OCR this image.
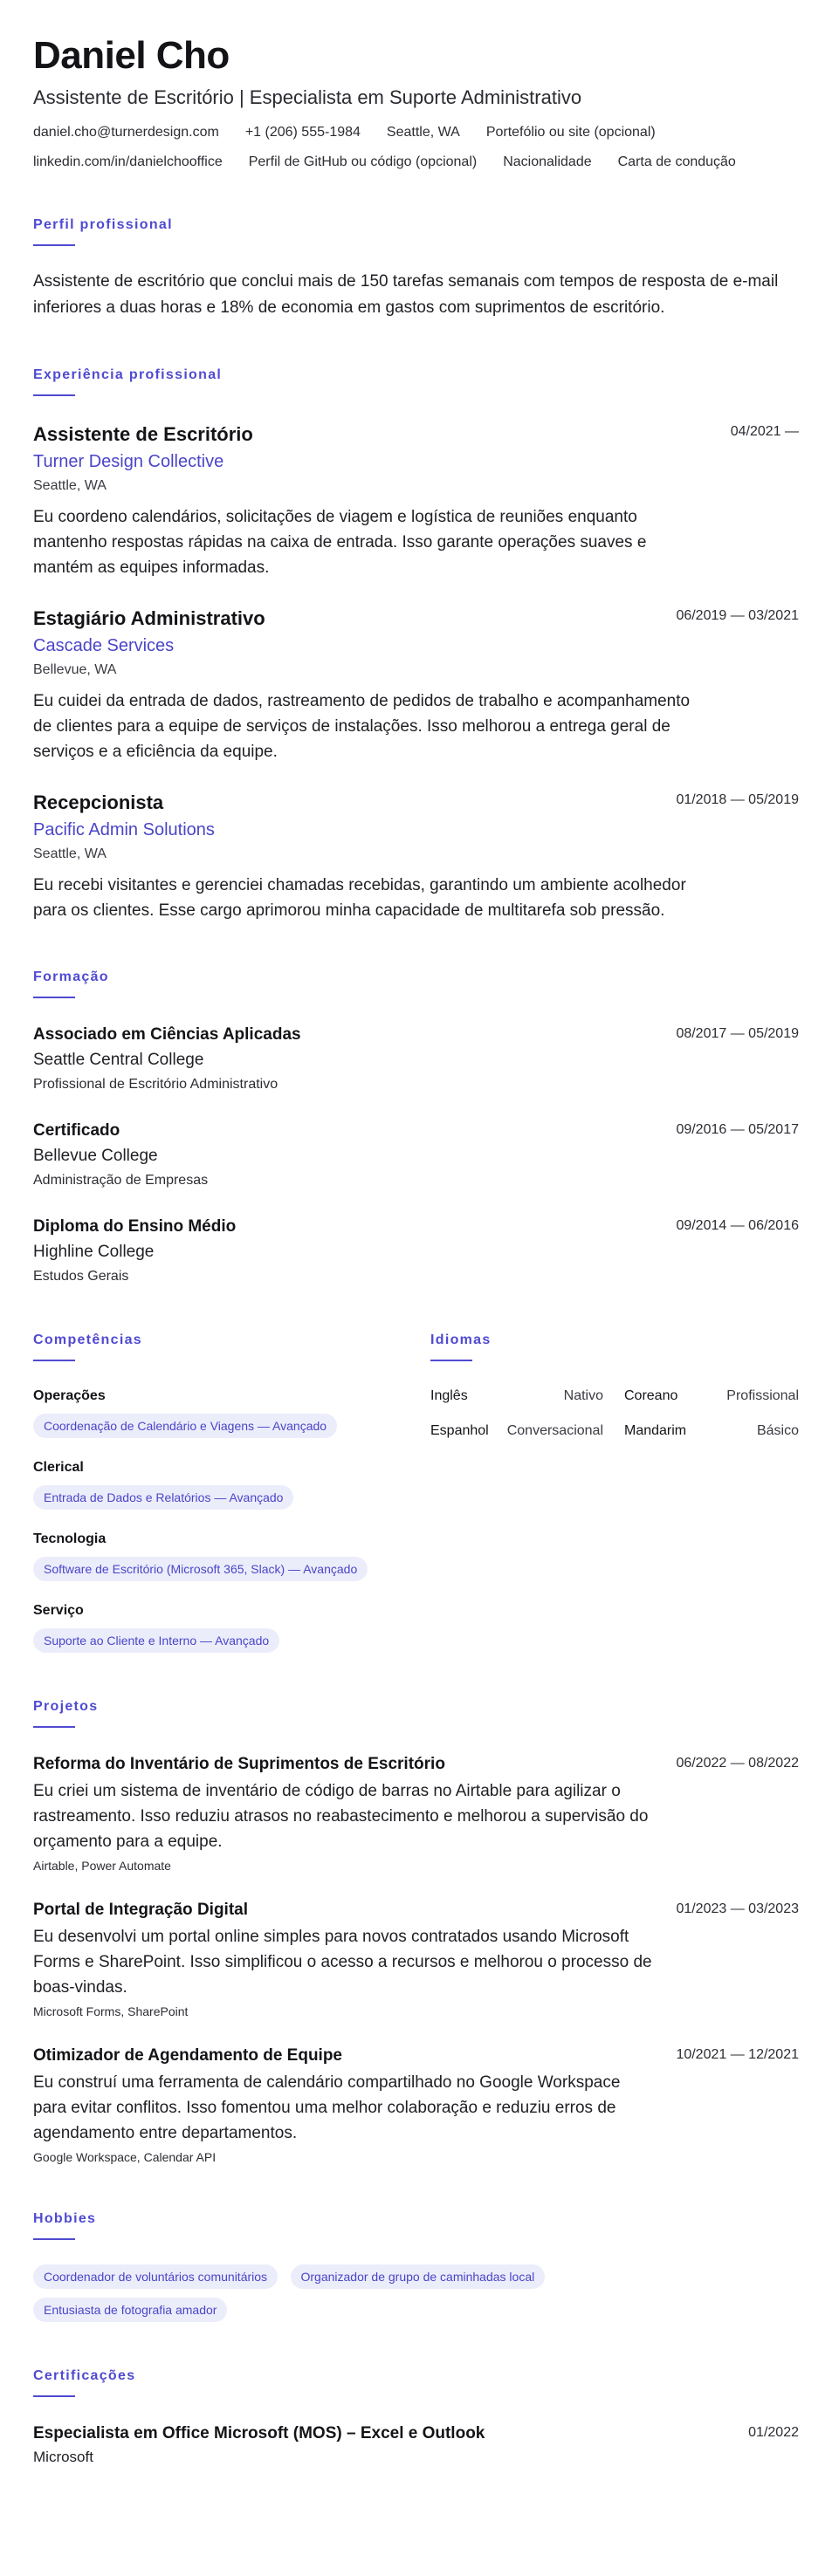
Daniel Cho
Assistente de Escritório | Especialista em Suporte Administrativo
daniel.cho@turnerdesign.com +1 (206) 555-1984 Seattle, WA Portefólio ou site (opcional)
linkedin.com/in/danielchooffice Perfil de GitHub ou código (opcional) Nacionalidade Carta de condução
Perfil profissional

Assistente de escritório que conclui mais de 150 tarefas semanais com tempos de resposta de e-mail inferiores a duas horas e 18% de economia em gastos com suprimentos de escritório.

Experiência profissional
Assistente de Escritório	04/2021 —
Turner Design Collective
Seattle, WA

Eu coordeno calendários, solicitações de viagem e logística de reuniões enquanto mantenho respostas rápidas na caixa de entrada. Isso garante operações suaves e mantém as equipes informadas.

Estagiário Administrativo	06/2019 — 03/2021
Cascade Services
Bellevue, WA

Eu cuidei da entrada de dados, rastreamento de pedidos de trabalho e acompanhamento de clientes para a equipe de serviços de instalações. Isso melhorou a entrega geral de serviços e a eficiência da equipe.

Recepcionista	01/2018 — 05/2019
Pacific Admin Solutions
Seattle, WA

Eu recebi visitantes e gerenciei chamadas recebidas, garantindo um ambiente acolhedor para os clientes. Esse cargo aprimorou minha capacidade de multitarefa sob pressão.

Formação
Associado em Ciências Aplicadas	08/2017 — 05/2019
Seattle Central College
Profissional de Escritório Administrativo
Certificado	09/2016 — 05/2017
Bellevue College
Administração de Empresas
Diploma do Ensino Médio	09/2014 — 06/2016
Highline College
Estudos Gerais
Competências
Operações
Coordenação de Calendário e Viagens — Avançado
Clerical
Entrada de Dados e Relatórios — Avançado
Tecnologia
Software de Escritório (Microsoft 365, Slack) — Avançado
Serviço
Suporte ao Cliente e Interno — Avançado
Idiomas
Inglês	Nativo	Coreano	Profissional
Espanhol	Conversacional	Mandarim	Básico
Projetos
Reforma do Inventário de Suprimentos de Escritório	06/2022 — 08/2022

Eu criei um sistema de inventário de código de barras no Airtable para agilizar o rastreamento. Isso reduziu atrasos no reabastecimento e melhorou a supervisão do orçamento para a equipe.

Airtable, Power Automate
Portal de Integração Digital	01/2023 — 03/2023

Eu desenvolvi um portal online simples para novos contratados usando Microsoft Forms e SharePoint. Isso simplificou o acesso a recursos e melhorou o processo de boas-vindas.

Microsoft Forms, SharePoint
Otimizador de Agendamento de Equipe	10/2021 — 12/2021

Eu construí uma ferramenta de calendário compartilhado no Google Workspace para evitar conflitos. Isso fomentou uma melhor colaboração e reduziu erros de agendamento entre departamentos.

Google Workspace, Calendar API
Hobbies
Coordenador de voluntários comunitários	Organizador de grupo de caminhadas local Entusiasta de fotografia amador
Certificações
Especialista em Office Microsoft (MOS) – Excel e Outlook	01/2022
Microsoft
